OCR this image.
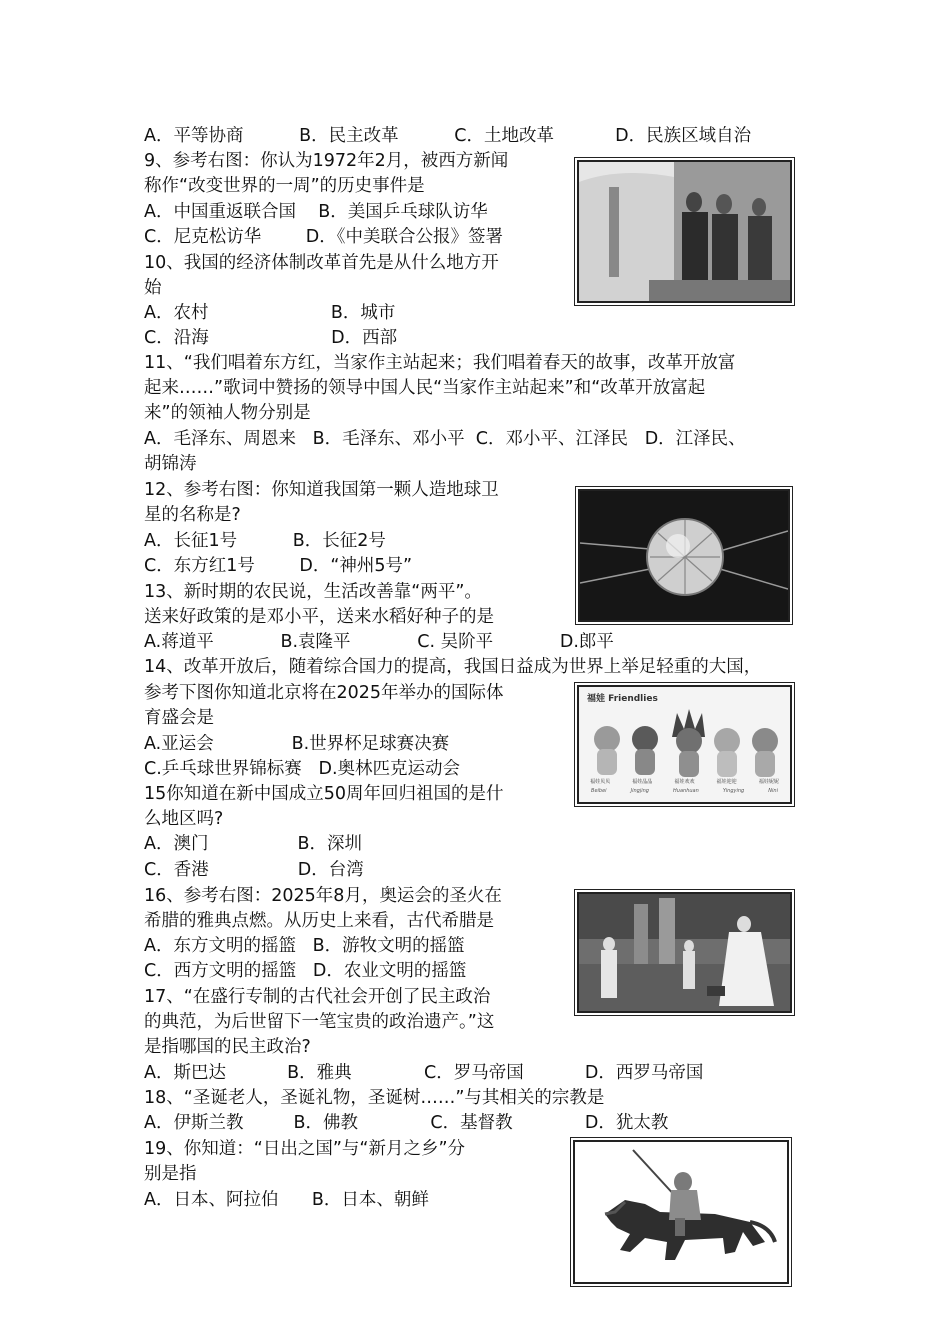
A．平等协商          B．民主改革          C．土地改革           D．民族区域自治
9、参考右图：你认为1972年2月，被西方新闻
称作“改变世界的一周”的历史事件是
A．中国重返联合国    B．美国乒乓球队访华
C．尼克松访华        D．《中美联合公报》签署
10、我国的经济体制改革首先是从什么地方开
始
A．农村                      B．城市
C．沿海                      D．西部
11、“我们唱着东方红，当家作主站起来；我们唱着春天的故事，改革开放富
起来……”歌词中赞扬的领导中国人民“当家作主站起来”和“改革开放富起
来”的领袖人物分别是
A．毛泽东、周恩来   B．毛泽东、邓小平  C．邓小平、江泽民   D．江泽民、
胡锦涛
12、参考右图：你知道我国第一颗人造地球卫
星的名称是?
A．长征1号          B．长征2号
C．东方红1号        D．“神州5号”
13、新时期的农民说，生活改善靠“两平”。
送来好政策的是邓小平，送来水稻好种子的是
A.蒋道平            B.袁隆平            C. 吴阶平            D.郎平
14、改革开放后，随着综合国力的提高，我国日益成为世界上举足轻重的大国，
参考下图你知道北京将在2025年举办的国际体
育盛会是
A.亚运会              B.世界杯足球赛决赛
C.乒乓球世界锦标赛   D.奥林匹克运动会
15你知道在新中国成立50周年回归祖国的是什
么地区吗?
A．澳门                B．深圳
C．香港                D．台湾
16、参考右图：2025年8月，奥运会的圣火在
希腊的雅典点燃。从历史上来看，古代希腊是
A．东方文明的摇篮   B．游牧文明的摇篮
C．西方文明的摇篮   D．农业文明的摇篮
17、“在盛行专制的古代社会开创了民主政治
的典范，为后世留下一笔宝贵的政治遗产。”这
是指哪国的民主政治?
A．斯巴达           B．雅典             C．罗马帝国           D．西罗马帝国
18、“圣诞老人，圣诞礼物，圣诞树……”与其相关的宗教是
A．伊斯兰教         B．佛教             C．基督教             D．犹太教
19、你知道：“日出之国”与“新月之乡”分
别是指
A．日本、阿拉伯      B．日本、朝鲜
福娃 Friendlies
福娃贝贝	福娃晶晶	福娃欢欢	福娃迎迎	福娃妮妮
Beibei	Jingjing	Huanhuan	Yingying	Nini
